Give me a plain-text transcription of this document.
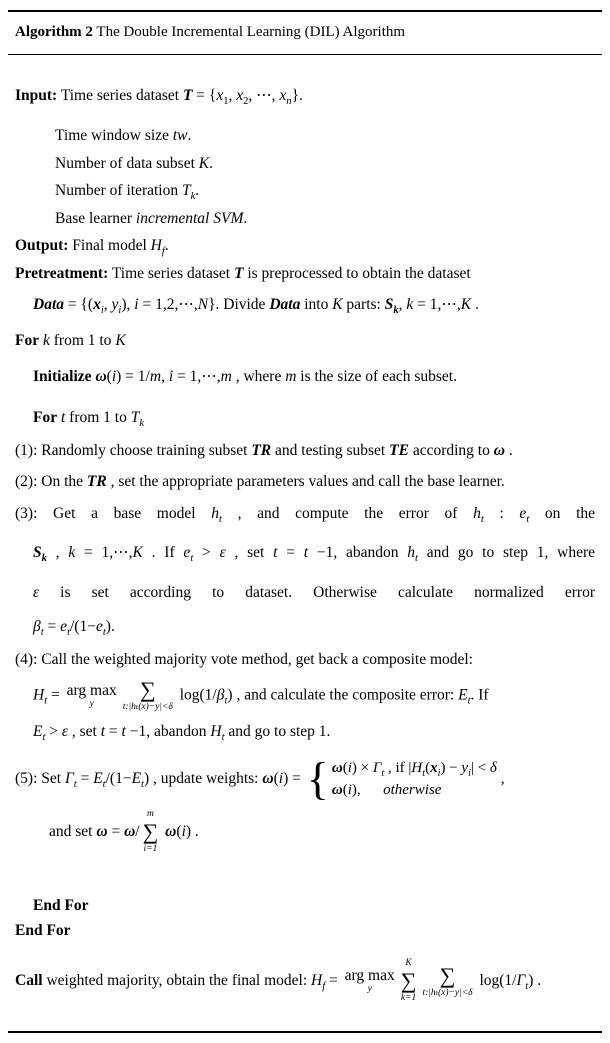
Algorithm 2 The Double Incremental Learning (DIL) Algorithm
Input: Time series dataset $T = \{x_1$, $x_2$, ⋯, $x_n$}.
Time window size tw.
Number of data subset K.
Number of iteration $T_k$.
Base learner incremental SVM.
Output: Final model $H_f$.
Pretreatment: Time series dataset T is preprocessed to obtain the dataset
Data = {($x_i$, $y_i$), i = 1,2,⋯,N}. Divide Data into K parts: $S_k$, k = 1,⋯,K .
For k from 1 to K
Initialize ω(i) = 1/m, i = 1,⋯,m , where m is the size of each subset.
For t from 1 to $T_k$
(1): Randomly choose training subset TR and testing subset TE according to ω .
(2): On the TR , set the appropriate parameters values and call the base learner.
(3): Get a base model $h_t$ , and compute the error of $h_t$ : $e_t$ on the
$S_k$ , k = 1,⋯,K . If $e_t > \varepsilon$ , set t = t −1, abandon $h_t$ and go to step 1, where
ε is set according to dataset. Otherwise calculate normalized error
$\beta_t = e_t/(1-e_t)$.
(4): Call the weighted majority vote method, get back a composite model:
$H_t$ = arg max
y
∑
t:|hₜ(x)−y|<δ
$\log(1/\beta_t)$ , and calculate the composite error: $E_t$. If
$E_t > \varepsilon$ , set t = t −1, abandon $H_t$ and go to step 1.
(5): Set $\Gamma_t = E_t/(1-E_t)$ , update weights: ω(i) = { $\omega(i) \times \Gamma_t$ , if $|H_t(x_i) - y_i| < \delta$
ω(i),      otherwise
,
and set ω = ω/
m
∑
i=1
ω(i) .
End For
End For
Call weighted majority, obtain the final model: $H_f$ = arg max
y
K
∑
k=1
∑
t:|hₜ(x)−y|<δ
$\log(1/\Gamma_t)$ .
